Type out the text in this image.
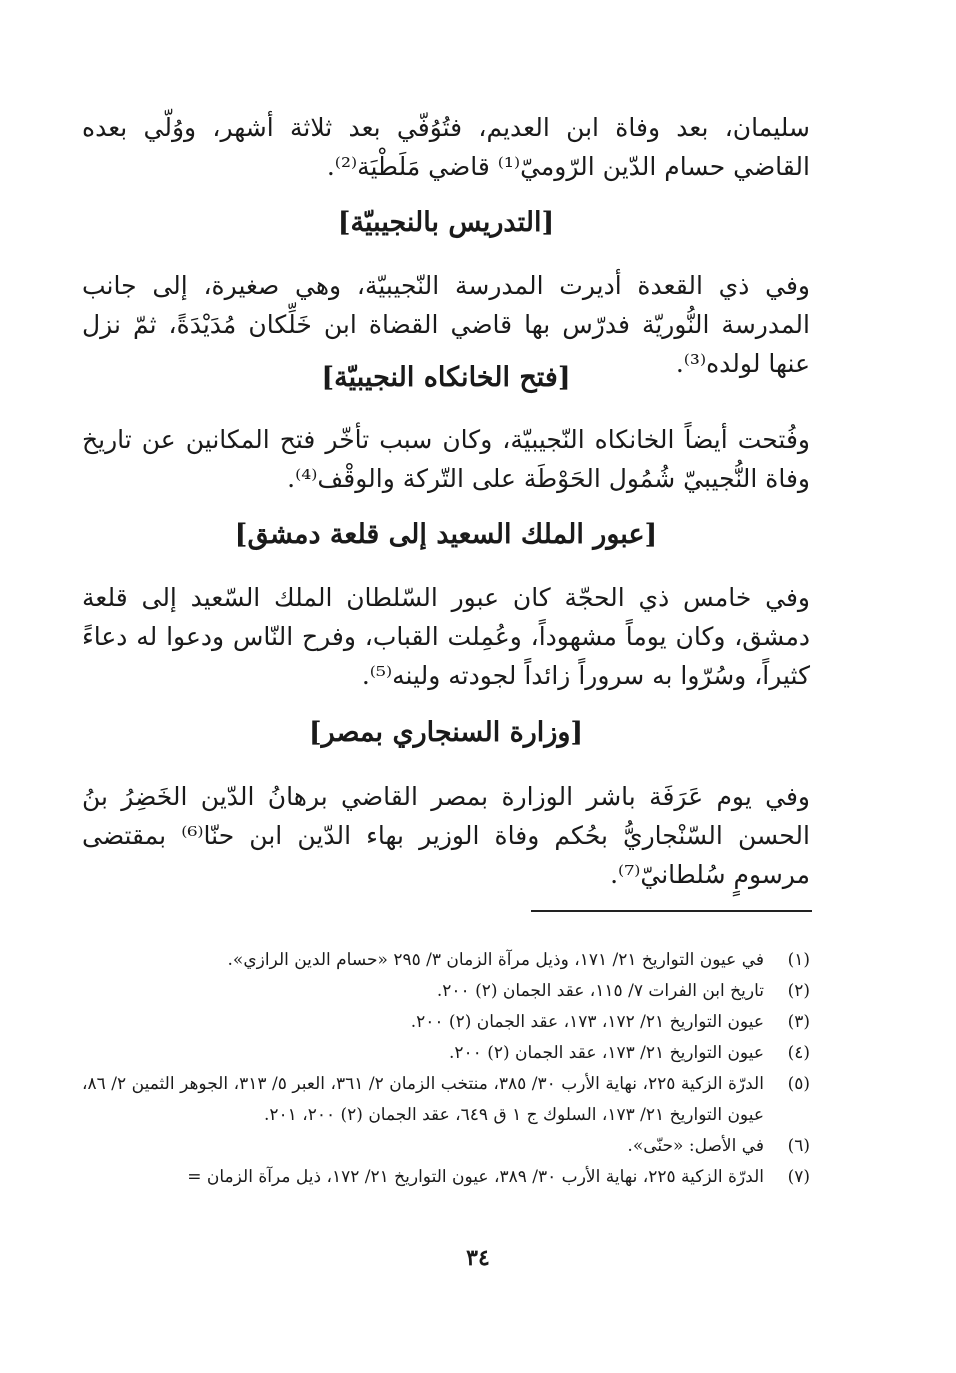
سليمان، بعد وفاة ابن العديم، فتُوُفّي بعد ثلاثة أشهر، ووُلّي بعده القاضي حسام الدّين الرّوميّ⁽¹⁾ قاضي مَلَطْيَة⁽²⁾.

[التدريس بالنجيبيّة]

وفي ذي القعدة أديرت المدرسة النّجيبيّة، وهي صغيرة، إلى جانب المدرسة النُّوريّة فدرّس بها قاضي القضاة ابن خَلِّكان مُدَيْدَةً، ثمّ نزل عنها لولده⁽³⁾.

[فتح الخانكاه النجيبيّة]

وفُتحت أيضاً الخانكاه النّجيبيّة، وكان سبب تأخّر فتح المكانين عن تاريخ وفاة النُّجيبيّ شُمُول الحَوْطَة على التّركة والوقْف⁽⁴⁾.

[عبور الملك السعيد إلى قلعة دمشق]

وفي خامس ذي الحجّة كان عبور السّلطان الملك السّعيد إلى قلعة دمشق، وكان يوماً مشهوداً، وعُمِلت القباب، وفرح النّاس ودعوا له دعاءً كثيراً، وسُرّوا به سروراً زائداً لجودته ولينه⁽⁵⁾.

[وزارة السنجاري بمصر]

وفي يوم عَرَفَة باشر الوزارة بمصر القاضي برهانُ الدّين الخَضِرُ بنُ الحسن السّنْجاريُّ بحُكم وفاة الوزير بهاء الدّين ابن حنّا⁽⁶⁾ بمقتضى مرسومٍ سُلطانيّ⁽⁷⁾.

(١)
في عيون التواريخ ٢١/ ١٧١، وذيل مرآة الزمان ٣/ ٢٩٥ «حسام الدين الرازي».
(٢)
تاريخ ابن الفرات ٧/ ١١٥، عقد الجمان (٢) ٢٠٠.
(٣)
عيون التواريخ ٢١/ ١٧٢، ١٧٣، عقد الجمان (٢) ٢٠٠.
(٤)
عيون التواريخ ٢١/ ١٧٣، عقد الجمان (٢) ٢٠٠.
(٥)
الدرّة الزكية ٢٢٥، نهاية الأرب ٣٠/ ٣٨٥، منتخب الزمان ٢/ ٣٦١، العبر ٥/ ٣١٣، الجوهر الثمين ٢/ ٨٦، عيون التواريخ ٢١/ ١٧٣، السلوك ج ١ ق ٦٤٩، عقد الجمان (٢) ٢٠٠، ٢٠١.
(٦)
في الأصل: «حنّى».
(٧)
الدرّة الزكية ٢٢٥، نهاية الأرب ٣٠/ ٣٨٩، عيون التواريخ ٢١/ ١٧٢، ذيل مرآة الزمان =
٣٤
